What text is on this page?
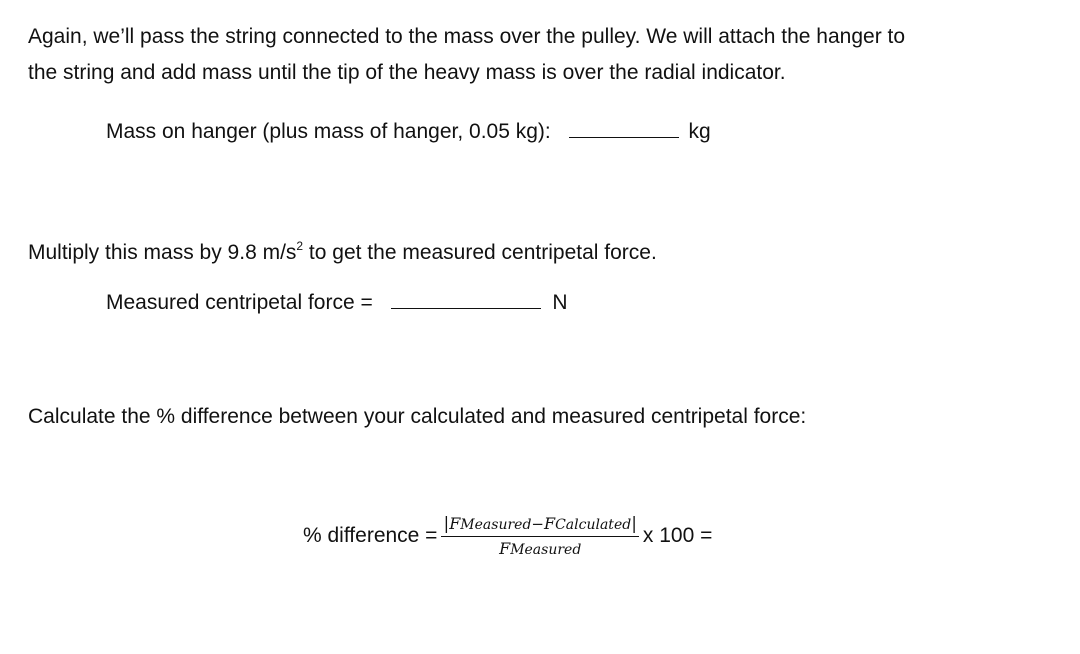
Again, we’ll pass the string connected to the mass over the pulley. We will attach the hanger to
the string and add mass until the tip of the heavy mass is over the radial indicator.
Mass on hanger (plus mass of hanger, 0.05 kg):	kg
Multiply this mass by 9.8 $m/s^2$ to get the measured centripetal force.
Measured centripetal force =	N
Calculate the % difference between your calculated and measured centripetal force:
% difference = $\frac{\text{|FMeasured−FCalculated|}}{\text{FMeasured}}$ x 100 =
